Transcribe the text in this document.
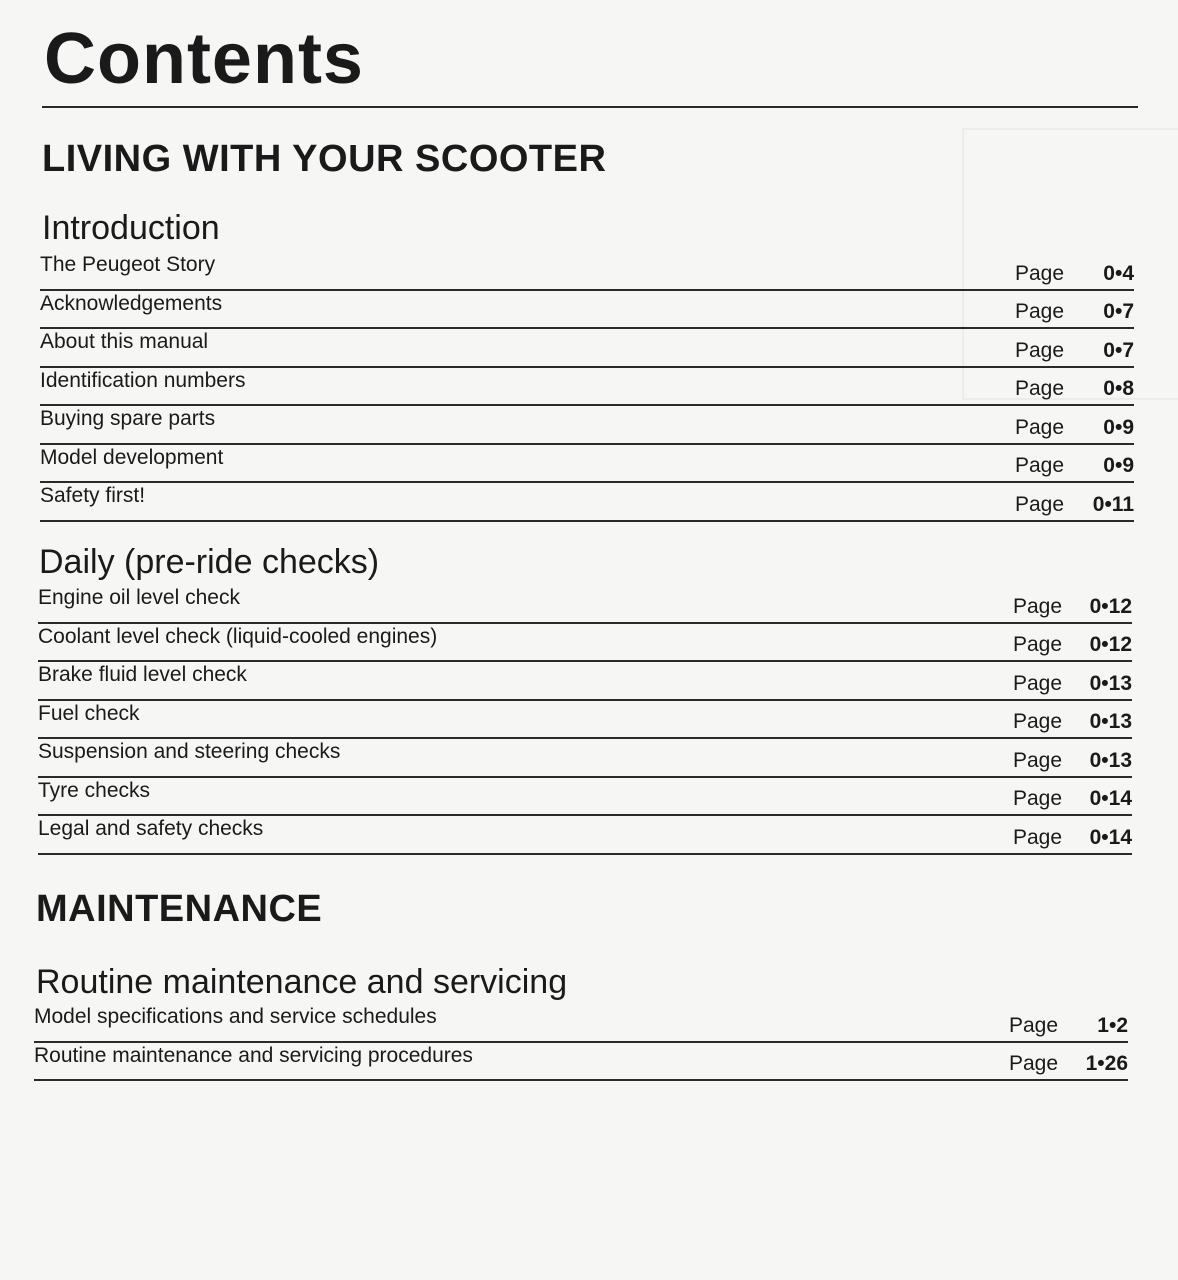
Contents
LIVING WITH YOUR SCOOTER
Introduction
The Peugeot Story	Page 0•4
Acknowledgements	Page 0•7
About this manual	Page 0•7
Identification numbers	Page 0•8
Buying spare parts	Page 0•9
Model development	Page 0•9
Safety first!	Page 0•11
Daily (pre-ride checks)
Engine oil level check	Page 0•12
Coolant level check (liquid-cooled engines)	Page 0•12
Brake fluid level check	Page 0•13
Fuel check	Page 0•13
Suspension and steering checks	Page 0•13
Tyre checks	Page 0•14
Legal and safety checks	Page 0•14
MAINTENANCE
Routine maintenance and servicing
Model specifications and service schedules	Page 1•2
Routine maintenance and servicing procedures	Page 1•26
